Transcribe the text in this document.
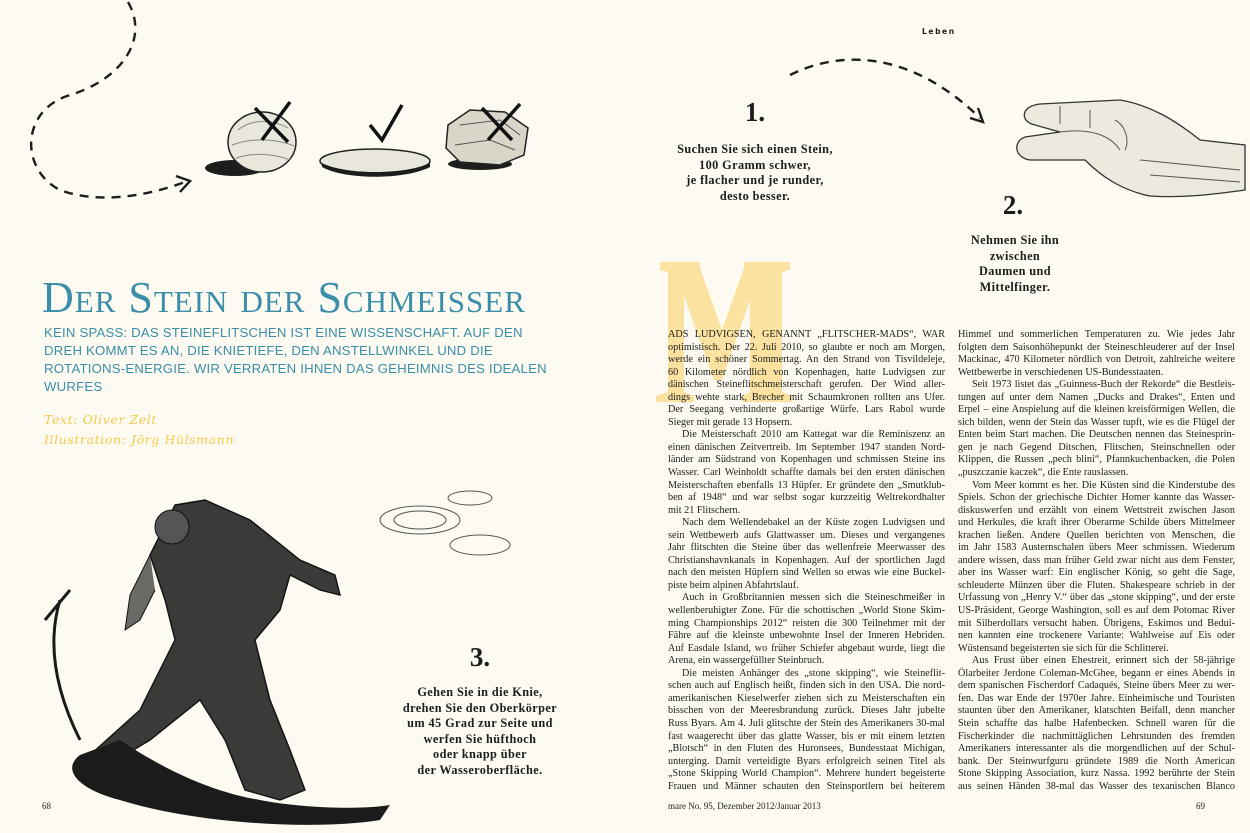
Leben
Der Stein der Schmeisser
KEIN SPASS: DAS STEINEFLITSCHEN IST EINE WISSENSCHAFT. AUF DEN DREH KOMMT ES AN, DIE KNIETIEFE, DEN ANSTELLWINKEL UND DIE ROTATIONS-ENERGIE. WIR VERRATEN IHNEN DAS GEHEIMNIS DES IDEALEN WURFES
Text: Oliver Zelt
Illustration: Jörg Hülsmann
1.
Suchen Sie sich einen Stein,
100 Gramm schwer,
je flacher und je runder,
desto besser.	2.
Nehmen Sie ihn
zwischen
Daumen und
Mittelfinger.
3.
Gehen Sie in die Knie,
drehen Sie den Oberkörper
um 45 Grad zur Seite und
werfen Sie hüfthoch
oder knapp über
der Wasseroberfläche.
ADS LUDVIGSEN, GENANNT „FLITSCHER-MADS“, WAR
optimistisch. Der 22. Juli 2010, so glaubte er noch am Morgen,
werde ein schöner Sommertag. An den Strand von Tisvildeleje,
60 Kilometer nördlich von Kopenhagen, hatte Ludvigsen zur
dänischen Steineflitschmeisterschaft gerufen. Der Wind aller-
dings wehte stark, Brecher mit Schaumkronen rollten ans Ufer.
Der Seegang verhinderte großartige Würfe. Lars Rabol wurde
Sieger mit gerade 13 Hopsern.
Die Meisterschaft 2010 am Kattegat war die Reminiszenz an
einen dänischen Zeitvertreib. Im September 1947 standen Nord-
länder am Südstrand von Kopenhagen und schmissen Steine ins
Wasser. Carl Weinholdt schaffte damals bei den ersten dänischen
Meisterschaften ebenfalls 13 Hüpfer. Er gründete den „Smutklub-
ben af 1948“ und war selbst sogar kurzzeitig Weltrekordhalter
mit 21 Flitschern.
Nach dem Wellendebakel an der Küste zogen Ludvigsen und
sein Wettbewerb aufs Glattwasser um. Dieses und vergangenes
Jahr flitschten die Steine über das wellenfreie Meerwasser des
Christianshavnkanals in Kopenhagen. Auf der sportlichen Jagd
nach den meisten Hüpfern sind Wellen so etwas wie eine Buckel-
piste beim alpinen Abfahrtslauf.
Auch in Großbritannien messen sich die Steineschmeißer in
wellenberuhigter Zone. Für die schottischen „World Stone Skim-
ming Championships 2012“ reisten die 300 Teilnehmer mit der
Fähre auf die kleinste unbewohnte Insel der Inneren Hebriden.
Auf Easdale Island, wo früher Schiefer abgebaut wurde, liegt die
Arena, ein wassergefüllter Steinbruch.
Die meisten Anhänger des „stone skipping“, wie Steineflit-
schen auch auf Englisch heißt, finden sich in den USA. Die nord-
amerikanischen Kieselwerfer ziehen sich zu Meisterschaften ein
bisschen von der Meeresbrandung zurück. Dieses Jahr jubelte
Russ Byars. Am 4. Juli glitschte der Stein des Amerikaners 30-mal
fast waagerecht über das glatte Wasser, bis er mit einem letzten
„Blotsch“ in den Fluten des Huronsees, Bundesstaat Michigan,
unterging. Damit verteidigte Byars erfolgreich seinen Titel als
„Stone Skipping World Champion“. Mehrere hundert begeisterte
Frauen und Männer schauten den Steinsportlern bei heiterem
Himmel und sommerlichen Temperaturen zu. Wie jedes Jahr
folgten dem Saisonhöhepunkt der Steineschleuderer auf der Insel
Mackinac, 470 Kilometer nördlich von Detroit, zahlreiche weitere
Wettbewerbe in verschiedenen US-Bundesstaaten.
Seit 1973 listet das „Guinness-Buch der Rekorde“ die Bestleis-
tungen auf unter dem Namen „Ducks and Drakes“, Enten und
Erpel – eine Anspielung auf die kleinen kreisförmigen Wellen, die
sich bilden, wenn der Stein das Wasser tupft, wie es die Flügel der
Enten beim Start machen. Die Deutschen nennen das Steinesprin-
gen je nach Gegend Ditschen, Flitschen, Steinschnellen oder
Klippen, die Russen „pech blini“, Pfannkuchenbacken, die Polen
„puszczanie kaczek“, die Ente rauslassen.
Vom Meer kommt es her. Die Küsten sind die Kinderstube des
Spiels. Schon der griechische Dichter Homer kannte das Wasser-
diskuswerfen und erzählt von einem Wettstreit zwischen Jason
und Herkules, die kraft ihrer Oberarme Schilde übers Mittelmeer
krachen ließen. Andere Quellen berichten von Menschen, die
im Jahr 1583 Austernschalen übers Meer schmissen. Wiederum
andere wissen, dass man früher Geld zwar nicht aus dem Fenster,
aber ins Wasser warf: Ein englischer König, so geht die Sage,
schleuderte Münzen über die Fluten. Shakespeare schrieb in der
Urfassung von „Henry V.“ über das „stone skipping“, und der erste
US-Präsident, George Washington, soll es auf dem Potomac River
mit Silberdollars versucht haben. Übrigens, Eskimos und Bedui-
nen kannten eine trockenere Variante: Wahlweise auf Eis oder
Wüstensand begeisterten sie sich für die Schlitterei.
Aus Frust über einen Ehestreit, erinnert sich der 58-jährige
Ölarbeiter Jerdone Coleman-McGhee, begann er eines Abends in
dem spanischen Fischerdorf Cadaqués, Steine übers Meer zu wer-
fen. Das war Ende der 1970er Jahre. Einheimische und Touristen
staunten über den Amerikaner, klatschten Beifall, denn mancher
Stein schaffte das halbe Hafenbecken. Schnell waren für die
Fischerkinder die nachmittäglichen Lehrstunden des fremden
Amerikaners interessanter als die morgendlichen auf der Schul-
bank. Der Steinwurfguru gründete 1989 die North American
Stone Skipping Association, kurz Nassa. 1992 berührte der Stein
aus seinen Händen 38-mal das Wasser des texanischen Blanco
68	mare No. 95, Dezember 2012/Januar 2013	69
